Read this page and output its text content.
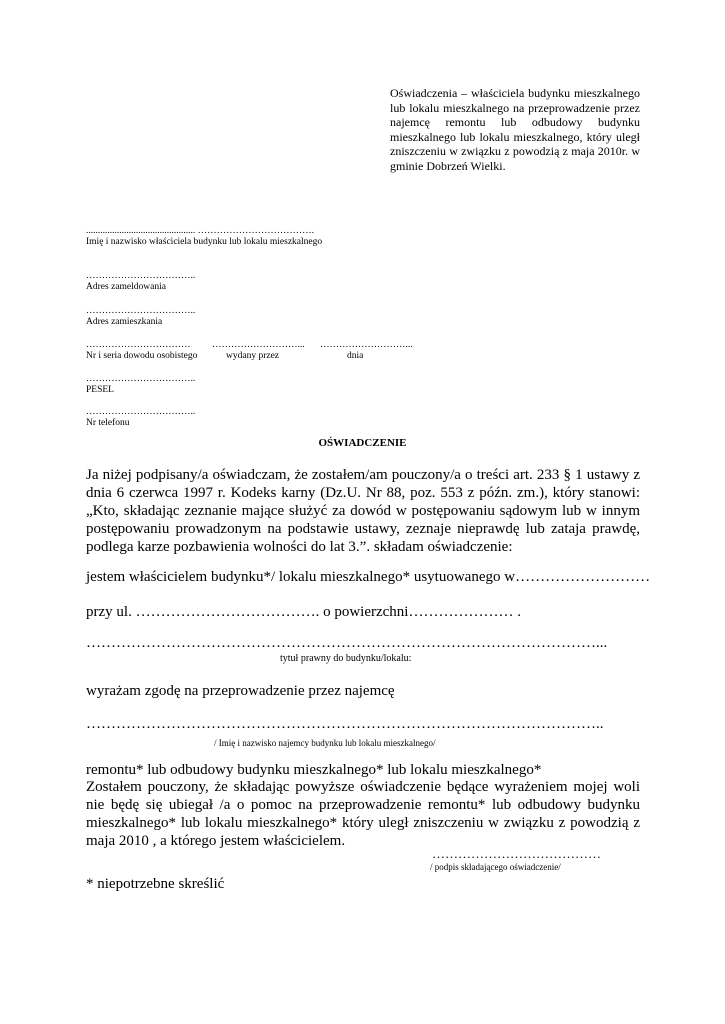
Oświadczenia – właściciela budynku mieszkalnego lub lokalu mieszkalnego na przeprowadzenie przez najemcę remontu lub odbudowy budynku mieszkalnego lub lokalu mieszkalnego, który uległ zniszczeniu w związku z powodzią z maja 2010r. w gminie Dobrzeń Wielki.
.............................................. ……………………………….
Imię i nazwisko właściciela budynku lub lokalu mieszkalnego
……………………………..
Adres zameldowania
……………………………..
Adres zamieszkania
…………………………… ………………………... ………………………...
Nr i seria dowodu osobistego	wydany przez	dnia
……………………………..
PESEL
……………………………..
Nr telefonu
OŚWIADCZENIE
Ja niżej podpisany/a oświadczam, że zostałem/am pouczony/a o treści art. 233 § 1 ustawy z dnia 6 czerwca 1997 r. Kodeks karny (Dz.U. Nr 88, poz. 553 z późn. zm.), który stanowi: „Kto, składając zeznanie mające służyć za dowód w postępowaniu sądowym lub w innym postępowaniu prowadzonym na podstawie ustawy, zeznaje nieprawdę lub zataja prawdę, podlega karze pozbawienia wolności do lat 3.”. składam oświadczenie:
jestem właścicielem budynku*/ lokalu mieszkalnego* usytuowanego w………………………
przy ul. ………………………………. o powierzchni………………… .
…………………………………………………………………………………………...
tytuł prawny do budynku/lokalu:
wyrażam zgodę na przeprowadzenie przez najemcę
…………………………………………………………………………………………..
/ Imię i nazwisko najemcy budynku lub lokalu mieszkalnego/
remontu* lub odbudowy budynku mieszkalnego* lub lokalu mieszkalnego*
Zostałem pouczony, że składając powyższe oświadczenie będące wyrażeniem mojej woli nie będę się ubiegał /a o pomoc na przeprowadzenie remontu* lub odbudowy budynku mieszkalnego* lub lokalu mieszkalnego* który uległ zniszczeniu w związku z powodzią z maja 2010 , a którego jestem właścicielem.
…………………………………
/ podpis składającego oświadczenie/
* niepotrzebne skreślić
